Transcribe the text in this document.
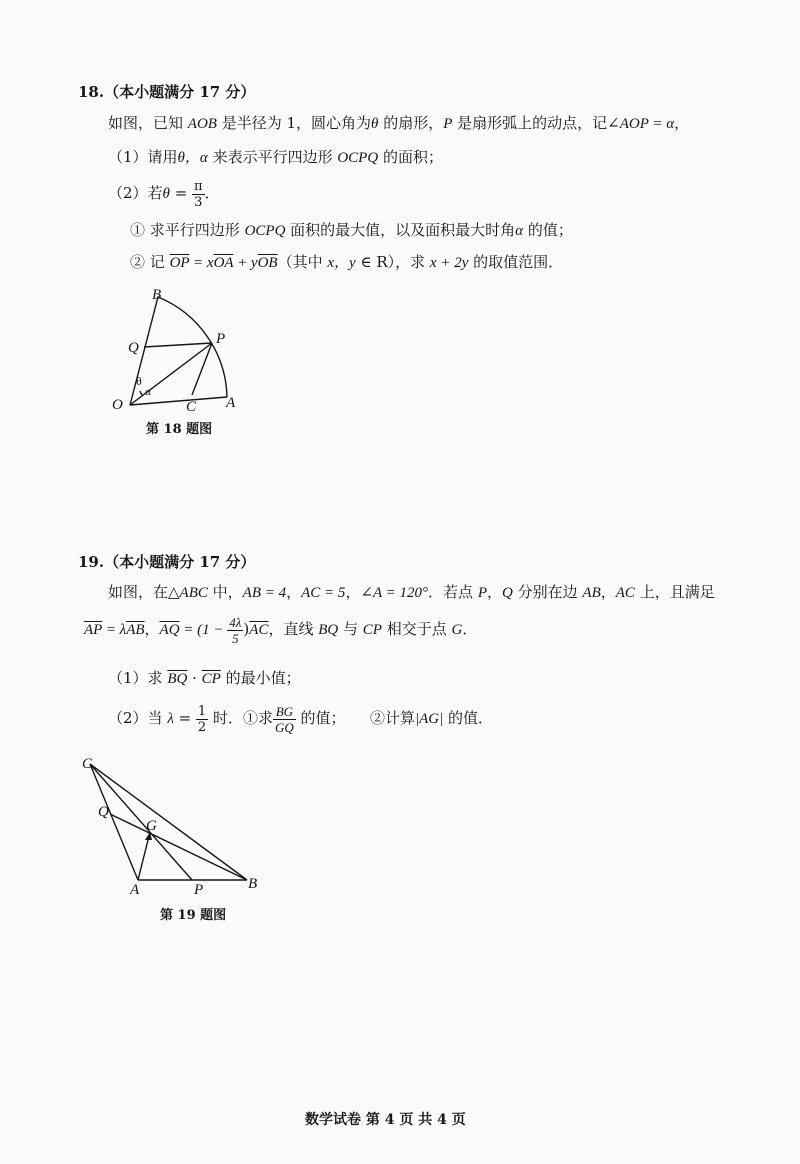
18.（本小题满分 17 分）
如图，已知 AOB 是半径为 1，圆心角为θ 的扇形，P 是扇形弧上的动点，记∠AOP = α，
（1）请用θ，α 来表示平行四边形 OCPQ 的面积；
（2）若$\theta = \frac{\pi}{3}$ ．
① 求平行四边形 OCPQ 面积的最大值，以及面积最大时角α 的值；
② 记 $\overline{OP} = x\overline{OA} + y\overline{OB}$（其中 x，y ∈ R），求 x + 2y 的取值范围．
B
P
Q
θ
α
O	C A
第 18 题图
19.（本小题满分 17 分）
如图，在△ABC 中，AB = 4，AC = 5，∠A = 120°．若点 P，Q 分别在边 AB，AC 上，且满足
$\overline{AP} = \lambda\overline{AB}$，$\overline{AQ} = (1 - \frac{4\lambda}{5} )\overline{AC}$，直线 BQ 与 CP 相交于点 G．
（1）求 $\overline{BQ} \cdot \overline{CP}$ 的最小值；
（2）当 $\lambda = \frac{1}{2}$ 时．①求 $\frac{BG}{GQ}$ 的值； ②计算|AG| 的值．
C
Q
G
A	P	B
第 19 题图
数学试卷 第 4 页 共 4 页
